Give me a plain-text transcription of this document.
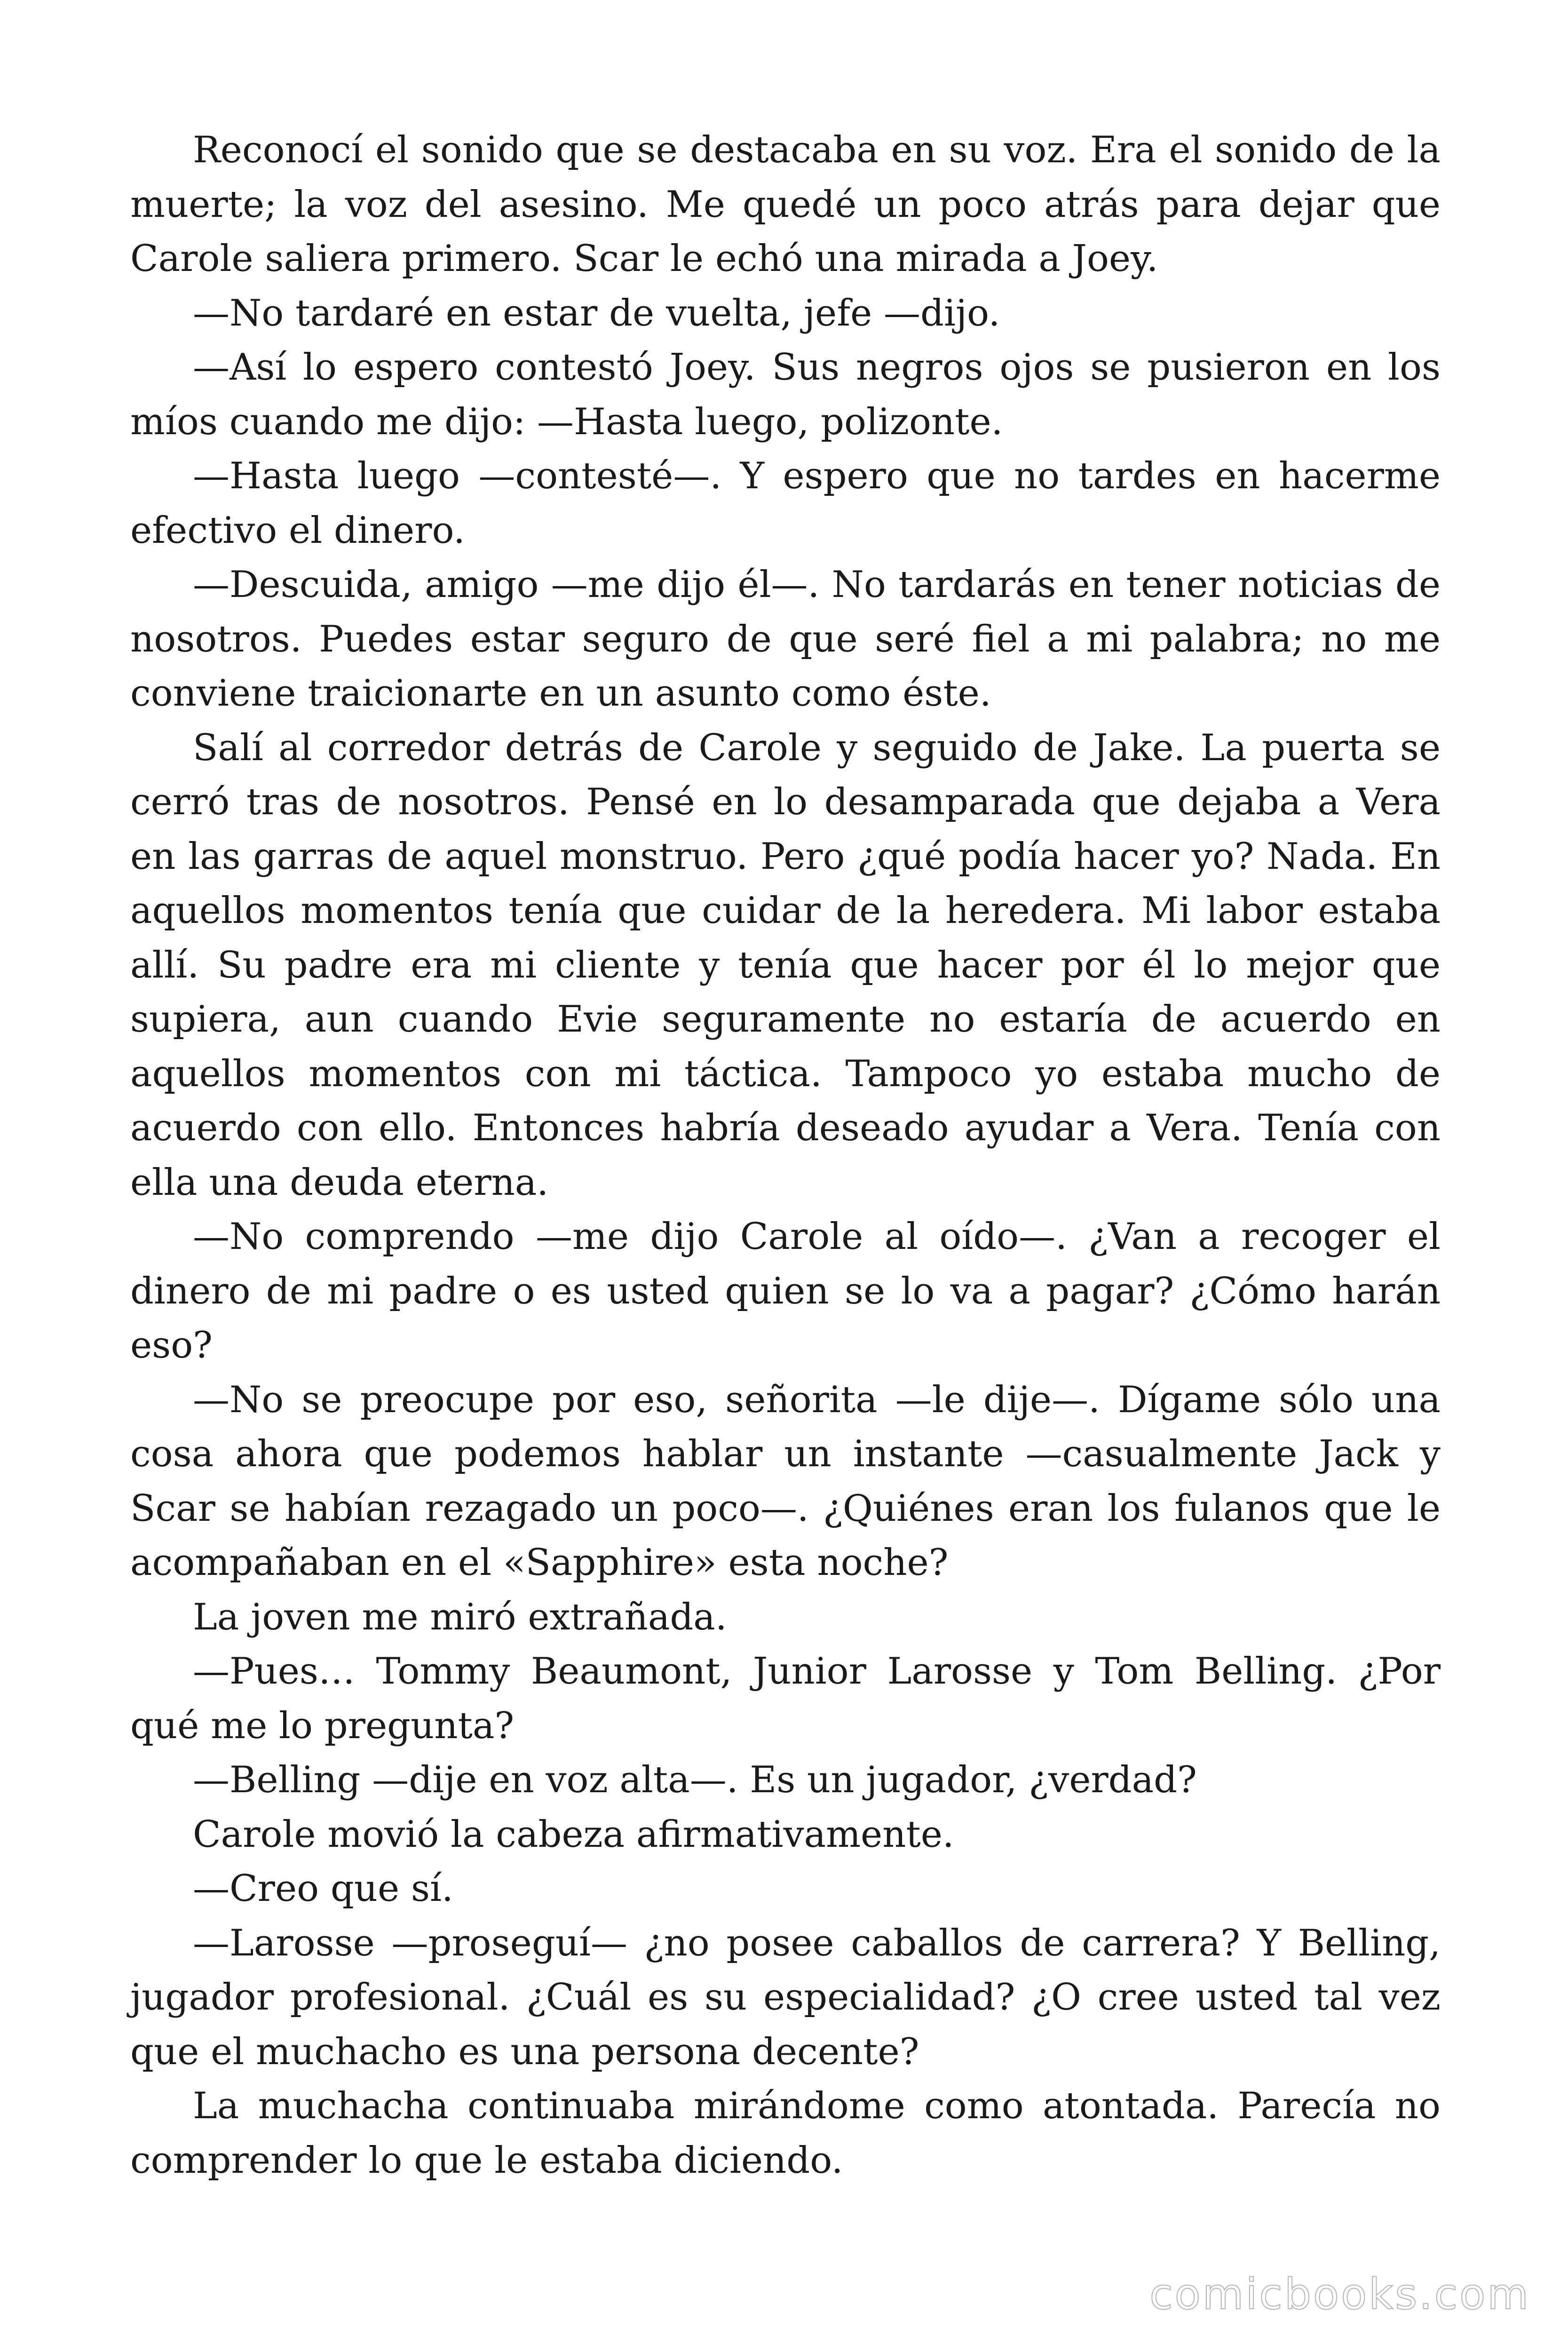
Reconocí el sonido que se destacaba en su voz. Era el sonido de la muerte; la voz del asesino. Me quedé un poco atrás para dejar que Carole saliera primero. Scar le echó una mirada a Joey.

—No tardaré en estar de vuelta, jefe —dijo.

—Así lo espero contestó Joey. Sus negros ojos se pusieron en los míos cuando me dijo: —Hasta luego, polizonte.

—Hasta luego —contesté—. Y espero que no tardes en hacerme efectivo el dinero.

—Descuida, amigo —me dijo él—. No tardarás en tener noticias de nosotros. Puedes estar seguro de que seré fiel a mi palabra; no me conviene traicionarte en un asunto como éste.

Salí al corredor detrás de Carole y seguido de Jake. La puerta se cerró tras de nosotros. Pensé en lo desamparada que dejaba a Vera en las garras de aquel monstruo. Pero ¿qué podía hacer yo? Nada. En aquellos momentos tenía que cuidar de la heredera. Mi labor estaba allí. Su padre era mi cliente y tenía que hacer por él lo mejor que supiera, aun cuando Evie seguramente no estaría de acuerdo en aquellos momentos con mi táctica. Tampoco yo estaba mucho de acuerdo con ello. Entonces habría deseado ayudar a Vera. Tenía con ella una deuda eterna.

—No comprendo —me dijo Carole al oído—. ¿Van a recoger el dinero de mi padre o es usted quien se lo va a pagar? ¿Cómo harán eso?

—No se preocupe por eso, señorita —le dije—. Dígame sólo una cosa ahora que podemos hablar un instante —casualmente Jack y Scar se habían rezagado un poco—. ¿Quiénes eran los fulanos que le acompañaban en el «Sapphire» esta noche?

La joven me miró extrañada.

—Pues… Tommy Beaumont, Junior Larosse y Tom Belling. ¿Por qué me lo pregunta?

—Belling —dije en voz alta—. Es un jugador, ¿verdad?

Carole movió la cabeza afirmativamente.

—Creo que sí.

—Larosse —proseguí— ¿no posee caballos de carrera? Y Belling, jugador profesional. ¿Cuál es su especialidad? ¿O cree usted tal vez que el muchacho es una persona decente?

La muchacha continuaba mirándome como atontada. Parecía no comprender lo que le estaba diciendo.

comicbooks.com
